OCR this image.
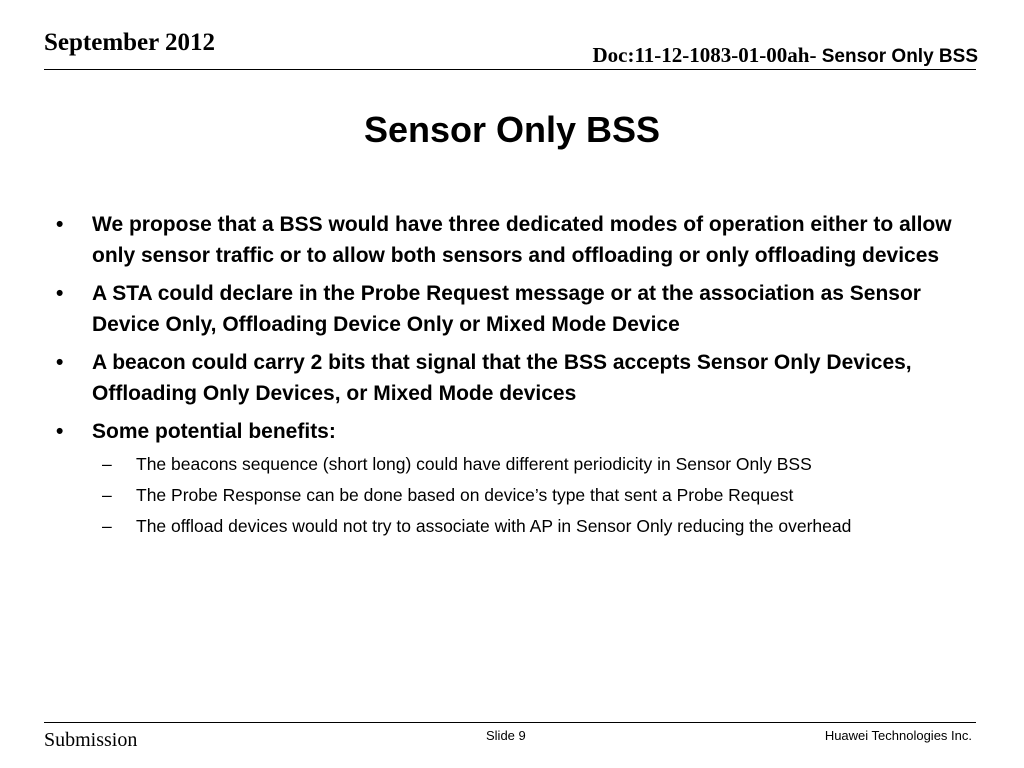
September 2012	Doc:11-12-1083-01-00ah- Sensor Only BSS
Sensor Only BSS
• We propose that a BSS would have three dedicated modes of operation either to allow only sensor traffic or to allow both sensors and offloading or only offloading devices
• A STA could declare in the Probe Request message or at the association as Sensor Device Only, Offloading Device Only or Mixed Mode Device
• A beacon could carry 2 bits that signal that the BSS accepts Sensor Only Devices, Offloading Only Devices, or Mixed Mode devices
• Some potential benefits:
– The beacons sequence (short long) could have different periodicity in Sensor Only BSS
– The Probe Response can be done based on device’s type that sent a Probe Request
– The offload devices would not try to associate with AP in Sensor Only reducing the overhead
Submission	Slide 9	Huawei Technologies Inc.
